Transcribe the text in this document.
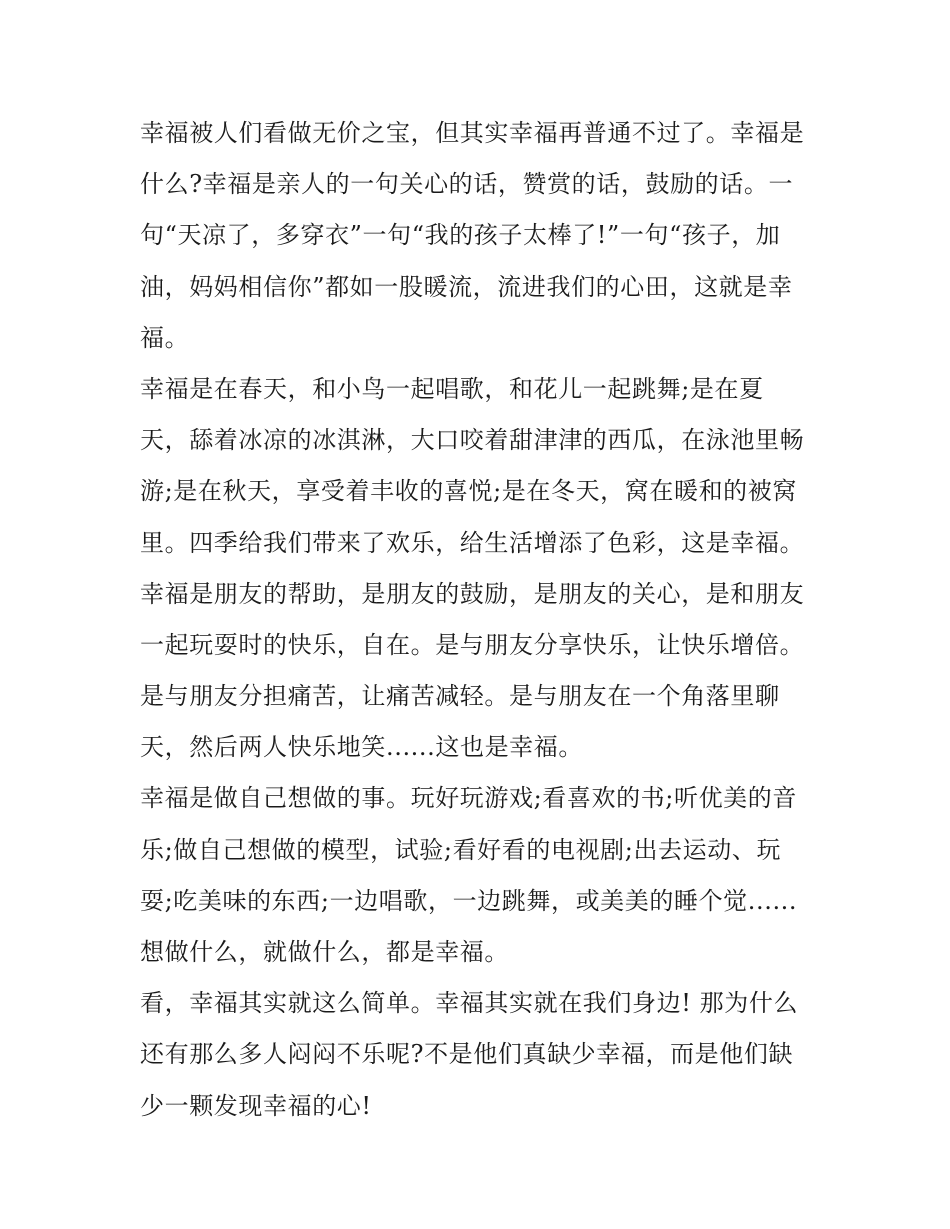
幸福被人们看做无价之宝，但其实幸福再普通不过了。幸福是
什么?幸福是亲人的一句关心的话，赞赏的话，鼓励的话。一
句“天凉了，多穿衣”一句“我的孩子太棒了!”一句“孩子，加
油，妈妈相信你”都如一股暖流，流进我们的心田，这就是幸
福。
幸福是在春天，和小鸟一起唱歌，和花儿一起跳舞;是在夏
天，舔着冰凉的冰淇淋，大口咬着甜津津的西瓜，在泳池里畅
游;是在秋天，享受着丰收的喜悦;是在冬天，窝在暖和的被窝
里。四季给我们带来了欢乐，给生活增添了色彩，这是幸福。
幸福是朋友的帮助，是朋友的鼓励，是朋友的关心，是和朋友
一起玩耍时的快乐，自在。是与朋友分享快乐，让快乐增倍。
是与朋友分担痛苦，让痛苦减轻。是与朋友在一个角落里聊
天，然后两人快乐地笑......这也是幸福。
幸福是做自己想做的事。玩好玩游戏;看喜欢的书;听优美的音
乐;做自己想做的模型，试验;看好看的电视剧;出去运动、玩
耍;吃美味的东西;一边唱歌，一边跳舞，或美美的睡个觉......
想做什么，就做什么，都是幸福。
看，幸福其实就这么简单。幸福其实就在我们身边! 那为什么
还有那么多人闷闷不乐呢?不是他们真缺少幸福，而是他们缺
少一颗发现幸福的心!
